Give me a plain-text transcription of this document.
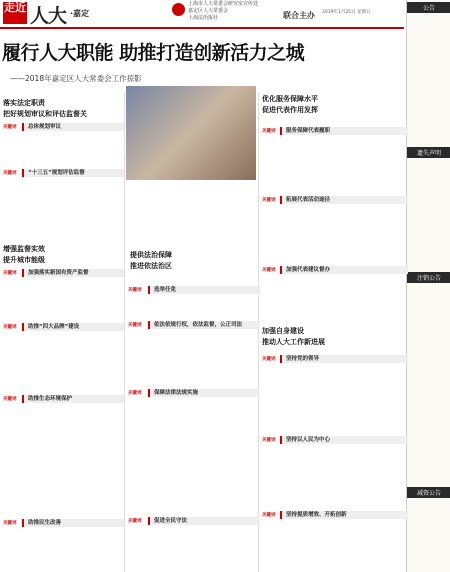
走近 人大 ·嘉定
上海市人大常委会研究室宣传处
嘉定区人大常委会
上海法治报社	联合主办 2019年1月25日 星期五
公告
遗失声明
注销公告
减资公告
履行人大职能 助推打造创新活力之城
——2018年嘉定区人大常委会工作掠影
落实法定职责
把好规划审议和评估监督关
关键词	总体规划审议
关键词	“十三五”规划评估监督
增强监督实效
提升城市能级
关键词	加强落实新国有资产监督
关键词	助推“四大品牌”建设
关键词	助推生态环境保护
关键词	助推民生改善
提供法治保障
推进依法治区
关键词	选举任免
关键词	依法依规行权，依法监督，公正司法
关键词	保障法律法规实施
关键词	促进全民守法
优化服务保障水平
促进代表作用发挥
关键词	服务保障代表履职
关键词	拓展代表活动途径
关键词	加强代表建议督办
加强自身建设
推动人大工作新进展
关键词	坚持党的领导
关键词	坚持以人民为中心
关键词	坚持提质增效、开拓创新
